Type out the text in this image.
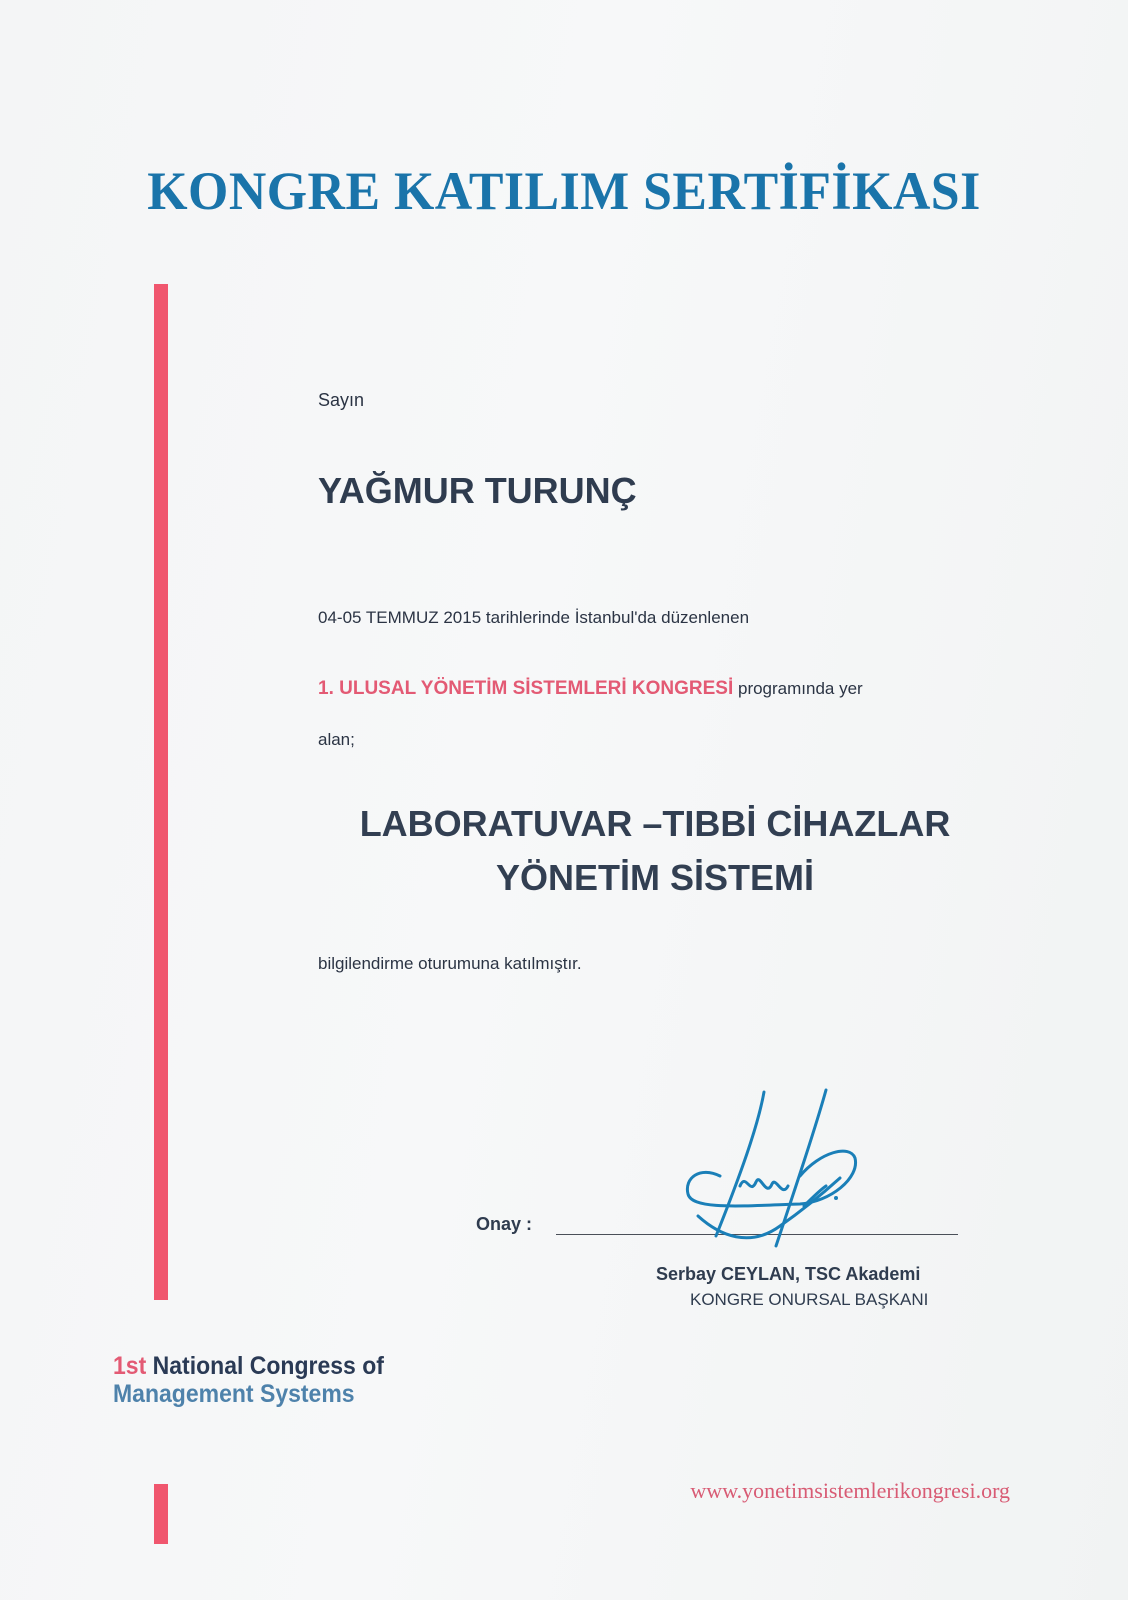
KONGRE KATILIM SERTİFİKASI
Sayın
YAĞMUR TURUNÇ
04-05 TEMMUZ 2015 tarihlerinde İstanbul'da düzenlenen
1. ULUSAL YÖNETİM SİSTEMLERİ KONGRESİ programında yer
alan;
LABORATUVAR –TIBBİ CİHAZLAR
YÖNETİM SİSTEMİ
bilgilendirme oturumuna katılmıştır.
Onay :
Serbay CEYLAN, TSC Akademi
KONGRE ONURSAL BAŞKANI
1st National Congress of
Management Systems
www.yonetimsistemlerikongresi.org
